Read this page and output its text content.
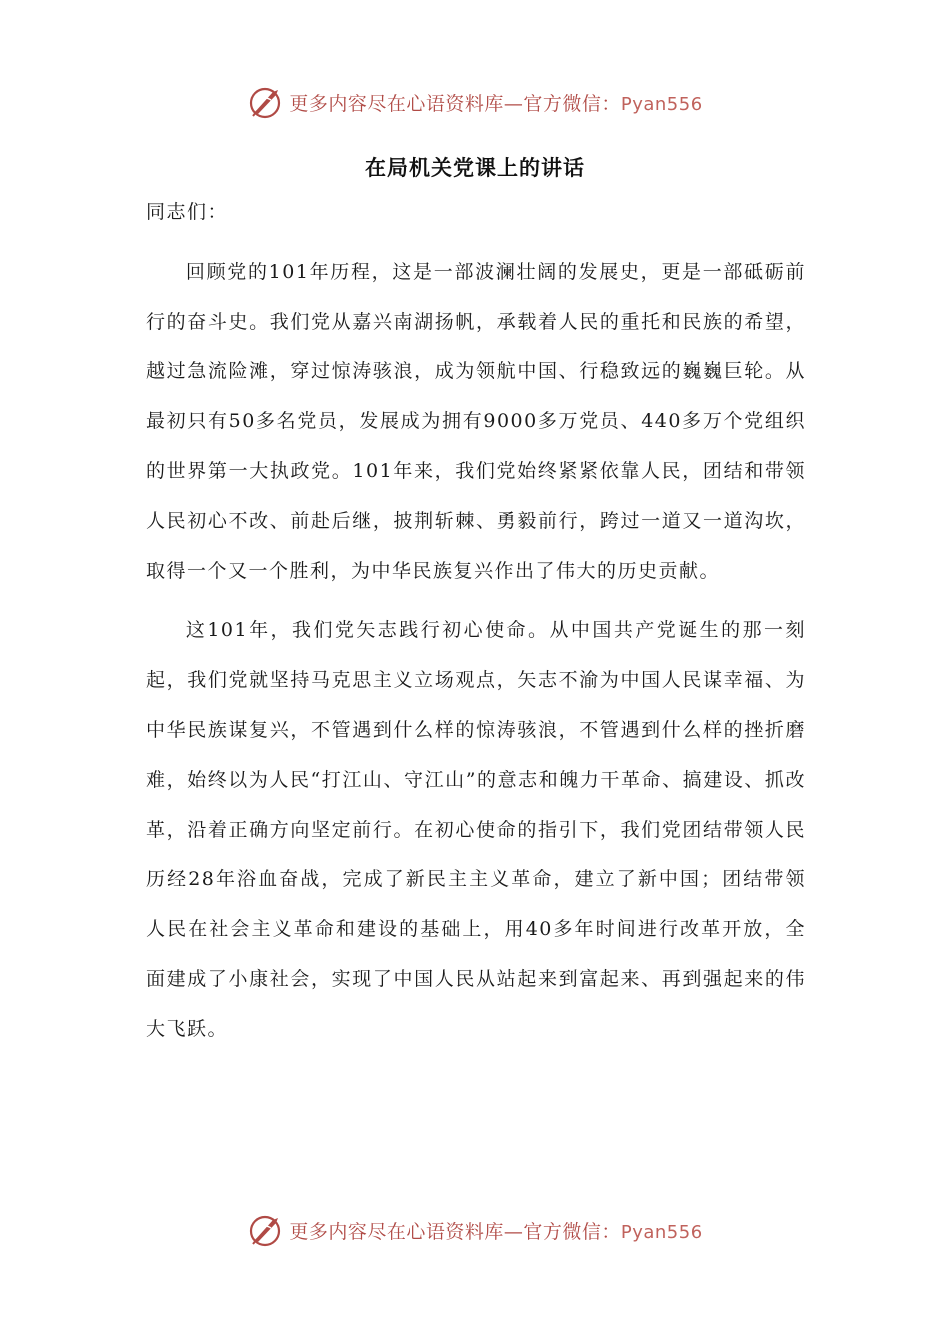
更多内容尽在心语资料库—官方微信：Pyan556
在局机关党课上的讲话

同志们：

回顾党的101年历程，这是一部波澜壮阔的发展史，更是一部砥砺前行的奋斗史。我们党从嘉兴南湖扬帆，承载着人民的重托和民族的希望，越过急流险滩，穿过惊涛骇浪，成为领航中国、行稳致远的巍巍巨轮。从最初只有50多名党员，发展成为拥有9000多万党员、440多万个党组织的世界第一大执政党。101年来，我们党始终紧紧依靠人民，团结和带领人民初心不改、前赴后继，披荆斩棘、勇毅前行，跨过一道又一道沟坎，取得一个又一个胜利，为中华民族复兴作出了伟大的历史贡献。

这101年，我们党矢志践行初心使命。从中国共产党诞生的那一刻起，我们党就坚持马克思主义立场观点，矢志不渝为中国人民谋幸福、为中华民族谋复兴，不管遇到什么样的惊涛骇浪，不管遇到什么样的挫折磨难，始终以为人民“打江山、守江山”的意志和魄力干革命、搞建设、抓改革，沿着正确方向坚定前行。在初心使命的指引下，我们党团结带领人民历经28年浴血奋战，完成了新民主主义革命，建立了新中国；团结带领人民在社会主义革命和建设的基础上，用40多年时间进行改革开放，全面建成了小康社会，实现了中国人民从站起来到富起来、再到强起来的伟大飞跃。

更多内容尽在心语资料库—官方微信：Pyan556
